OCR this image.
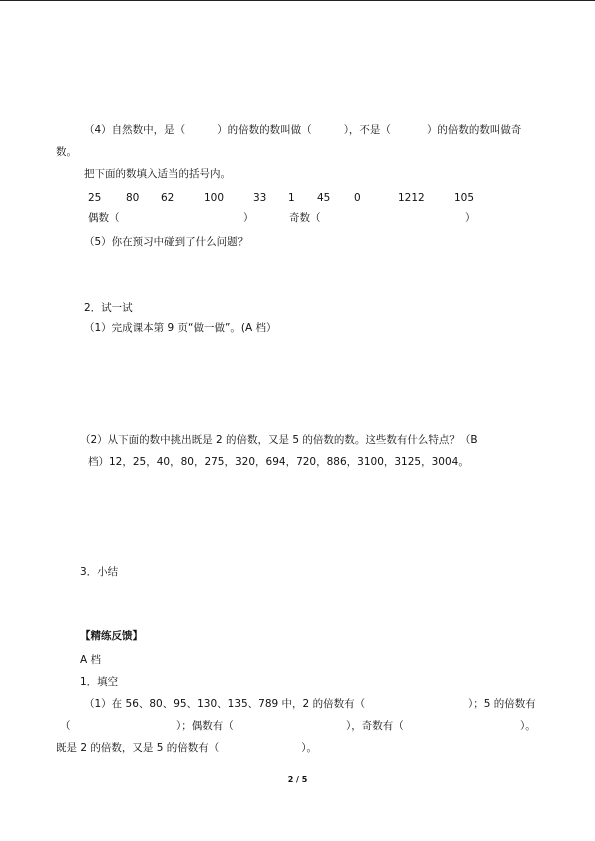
（4）自然数中，是（	）的倍数的数叫做（	），不是（	）的倍数的数叫做奇
数。
把下面的数填入适当的括号内。
25 80 62	100	33 1 45 0	1212	105
偶数（	）	奇数（	）
（5）你在预习中碰到了什么问题？
2．试一试
（1）完成课本第 9 页“做一做”。(A 档）
（2）从下面的数中挑出既是 2 的倍数，又是 5 的倍数的数。这些数有什么特点？（B
档）12，25，40，80，275，320，694，720，886，3100，3125，3004。
3．小结
【精练反馈】
A 档
1．填空
（1）在 56、80、95、130、135、789 中，2 的倍数有（	）；5 的倍数有
（	）；偶数有（	），奇数有（	）。
既是 2 的倍数，又是 5 的倍数有（	）。
2 / 5
